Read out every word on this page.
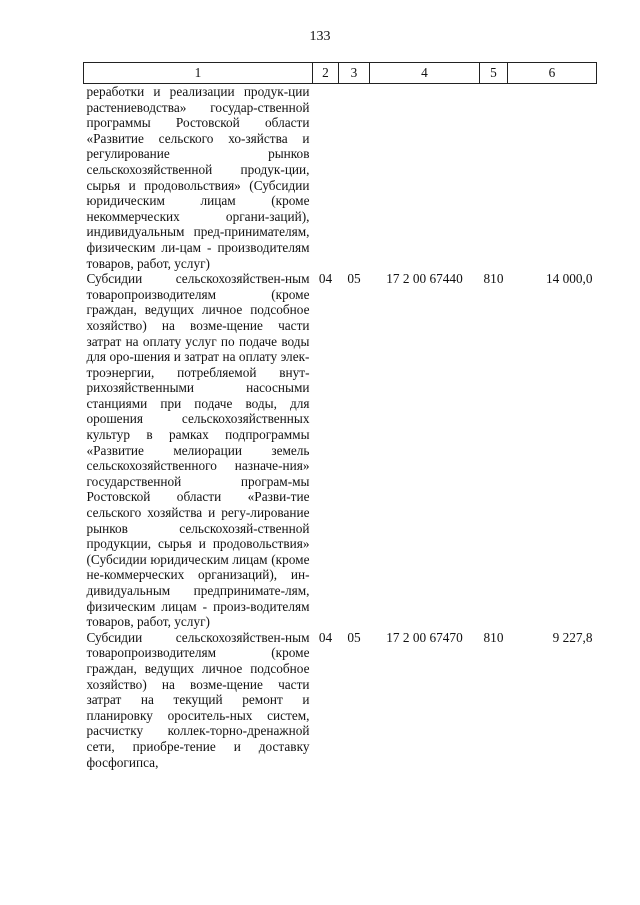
133
1	2	3	4	5	6

реработки и реализации продук-ции растениеводства» государ-ственной программы Ростовской области «Развитие сельского хо-зяйства и регулирование рынков сельскохозяйственной продук-ции, сырья и продовольствия» (Субсидии юридическим лицам (кроме некоммерческих органи-заций), индивидуальным пред-принимателям, физическим ли-цам - производителям товаров, работ, услуг)					

Субсидии сельскохозяйствен-ным товаропроизводителям (кроме граждан, ведущих личное подсобное хозяйство) на возме-щение части затрат на оплату услуг по подаче воды для оро-шения и затрат на оплату элек-троэнергии, потребляемой внут-рихозяйственными насосными станциями при подаче воды, для орошения сельскохозяйственных культур в рамках подпрограммы «Развитие мелиорации земель сельскохозяйственного назначе-ния» государственной програм-мы Ростовской области «Разви-тие сельского хозяйства и регу-лирование рынков сельскохозяй-ственной продукции, сырья и продовольствия» (Субсидии юридическим лицам (кроме не-коммерческих организаций), ин-дивидуальным предпринимате-лям, физическим лицам - произ-водителям товаров, работ, услуг)	04	05	17 2 00 67440	810	14 000,0

Субсидии сельскохозяйствен-ным товаропроизводителям (кроме граждан, ведущих личное подсобное хозяйство) на возме-щение части затрат на текущий ремонт и планировку ороситель-ных систем, расчистку коллек-торно-дренажной сети, приобре-тение и доставку фосфогипса,	04	05	17 2 00 67470	810	9 227,8
